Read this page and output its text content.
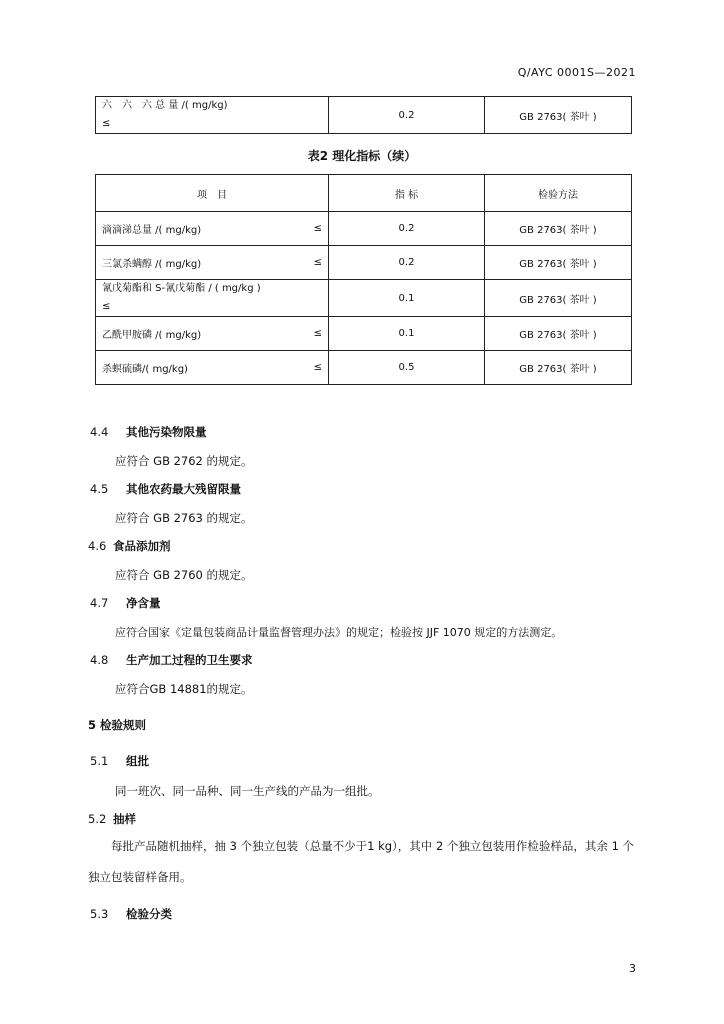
Q/AYC 0001S—2021
六　六　六 总 量 /( mg/kg)
≤
	0.2	GB 2763( 茶叶 )
表2 理化指标（续）
项　目	指 标	检验方法

滴滴涕总量 /( mg/kg) ≤	0.2	GB 2763( 茶叶 )

三氯杀螨醇 /( mg/kg) ≤	0.2	GB 2763( 茶叶 )

氰戊菊酯和 S-氰戊菊酯 / ( mg/kg )
≤	0.1	GB 2763( 茶叶 )

乙酰甲胺磷 /( mg/kg) ≤	0.1	GB 2763( 茶叶 )

杀螟硫磷/( mg/kg) ≤	0.5	GB 2763( 茶叶 )
4.4 其他污染物限量
应符合 GB 2762 的规定。
4.5 其他农药最大残留限量
应符合 GB 2763 的规定。
4.6 食品添加剂
应符合 GB 2760 的规定。
4.7 净含量
应符合国家《定量包装商品计量监督管理办法》的规定；检验按 JJF 1070 规定的方法测定。
4.8 生产加工过程的卫生要求
应符合GB 14881的规定。
5 检验规则
5.1 组批
同一班次、同一品种、同一生产线的产品为一组批。
5.2 抽样
　　每批产品随机抽样，抽 3 个独立包装（总量不少于1 kg），其中 2 个独立包装用作检验样品，其余 1 个独立包装留样备用。
5.3 检验分类
3
